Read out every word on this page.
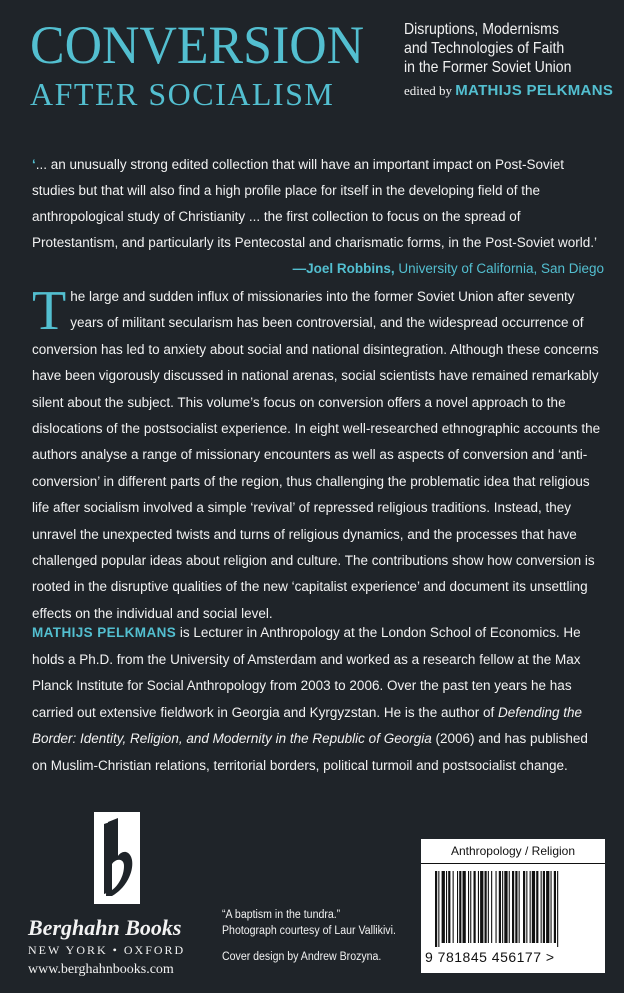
CONVERSION
AFTER SOCIALISM
Disruptions, Modernisms
and Technologies of Faith
in the Former Soviet Union
edited by MATHIJS PELKMANS

‘... an unusually strong edited collection that will have an important impact on Post-Soviet studies but that will also find a high profile place for itself in the developing field of the anthropological study of Christianity ... the first collection to focus on the spread of Protestantism, and particularly its Pentecostal and charismatic forms, in the Post-Soviet world.’
—Joel Robbins, University of California, San Diego

The large and sudden influx of missionaries into the former Soviet Union after seventy years of militant secularism has been controversial, and the widespread occurrence of conversion has led to anxiety about social and national disintegration. Although these concerns have been vigorously discussed in national arenas, social scientists have remained remarkably silent about the subject. This volume’s focus on conversion offers a novel approach to the dislocations of the postsocialist experience. In eight well-researched ethnographic accounts the authors analyse a range of missionary encounters as well as aspects of conversion and ‘anti-conversion’ in different parts of the region, thus challenging the problematic idea that religious life after socialism involved a simple ‘revival’ of repressed religious traditions. Instead, they unravel the unexpected twists and turns of religious dynamics, and the processes that have challenged popular ideas about religion and culture. The contributions show how conversion is rooted in the disruptive qualities of the new ‘capitalist experience’ and document its unsettling effects on the individual and social level.

MATHIJS PELKMANS is Lecturer in Anthropology at the London School of Economics. He holds a Ph.D. from the University of Amsterdam and worked as a research fellow at the Max Planck Institute for Social Anthropology from 2003 to 2006. Over the past ten years he has carried out extensive fieldwork in Georgia and Kyrgyzstan. He is the author of Defending the Border: Identity, Religion, and Modernity in the Republic of Georgia (2006) and has published on Muslim-Christian relations, territorial borders, political turmoil and postsocialist change.

Berghahn Books
NEW YORK • OXFORD
www.berghahnbooks.com
“A baptism in the tundra.”
Photograph courtesy of Laur Vallikivi.
Cover design by Andrew Brozyna.
Anthropology / Religion
9 781845 456177 >
